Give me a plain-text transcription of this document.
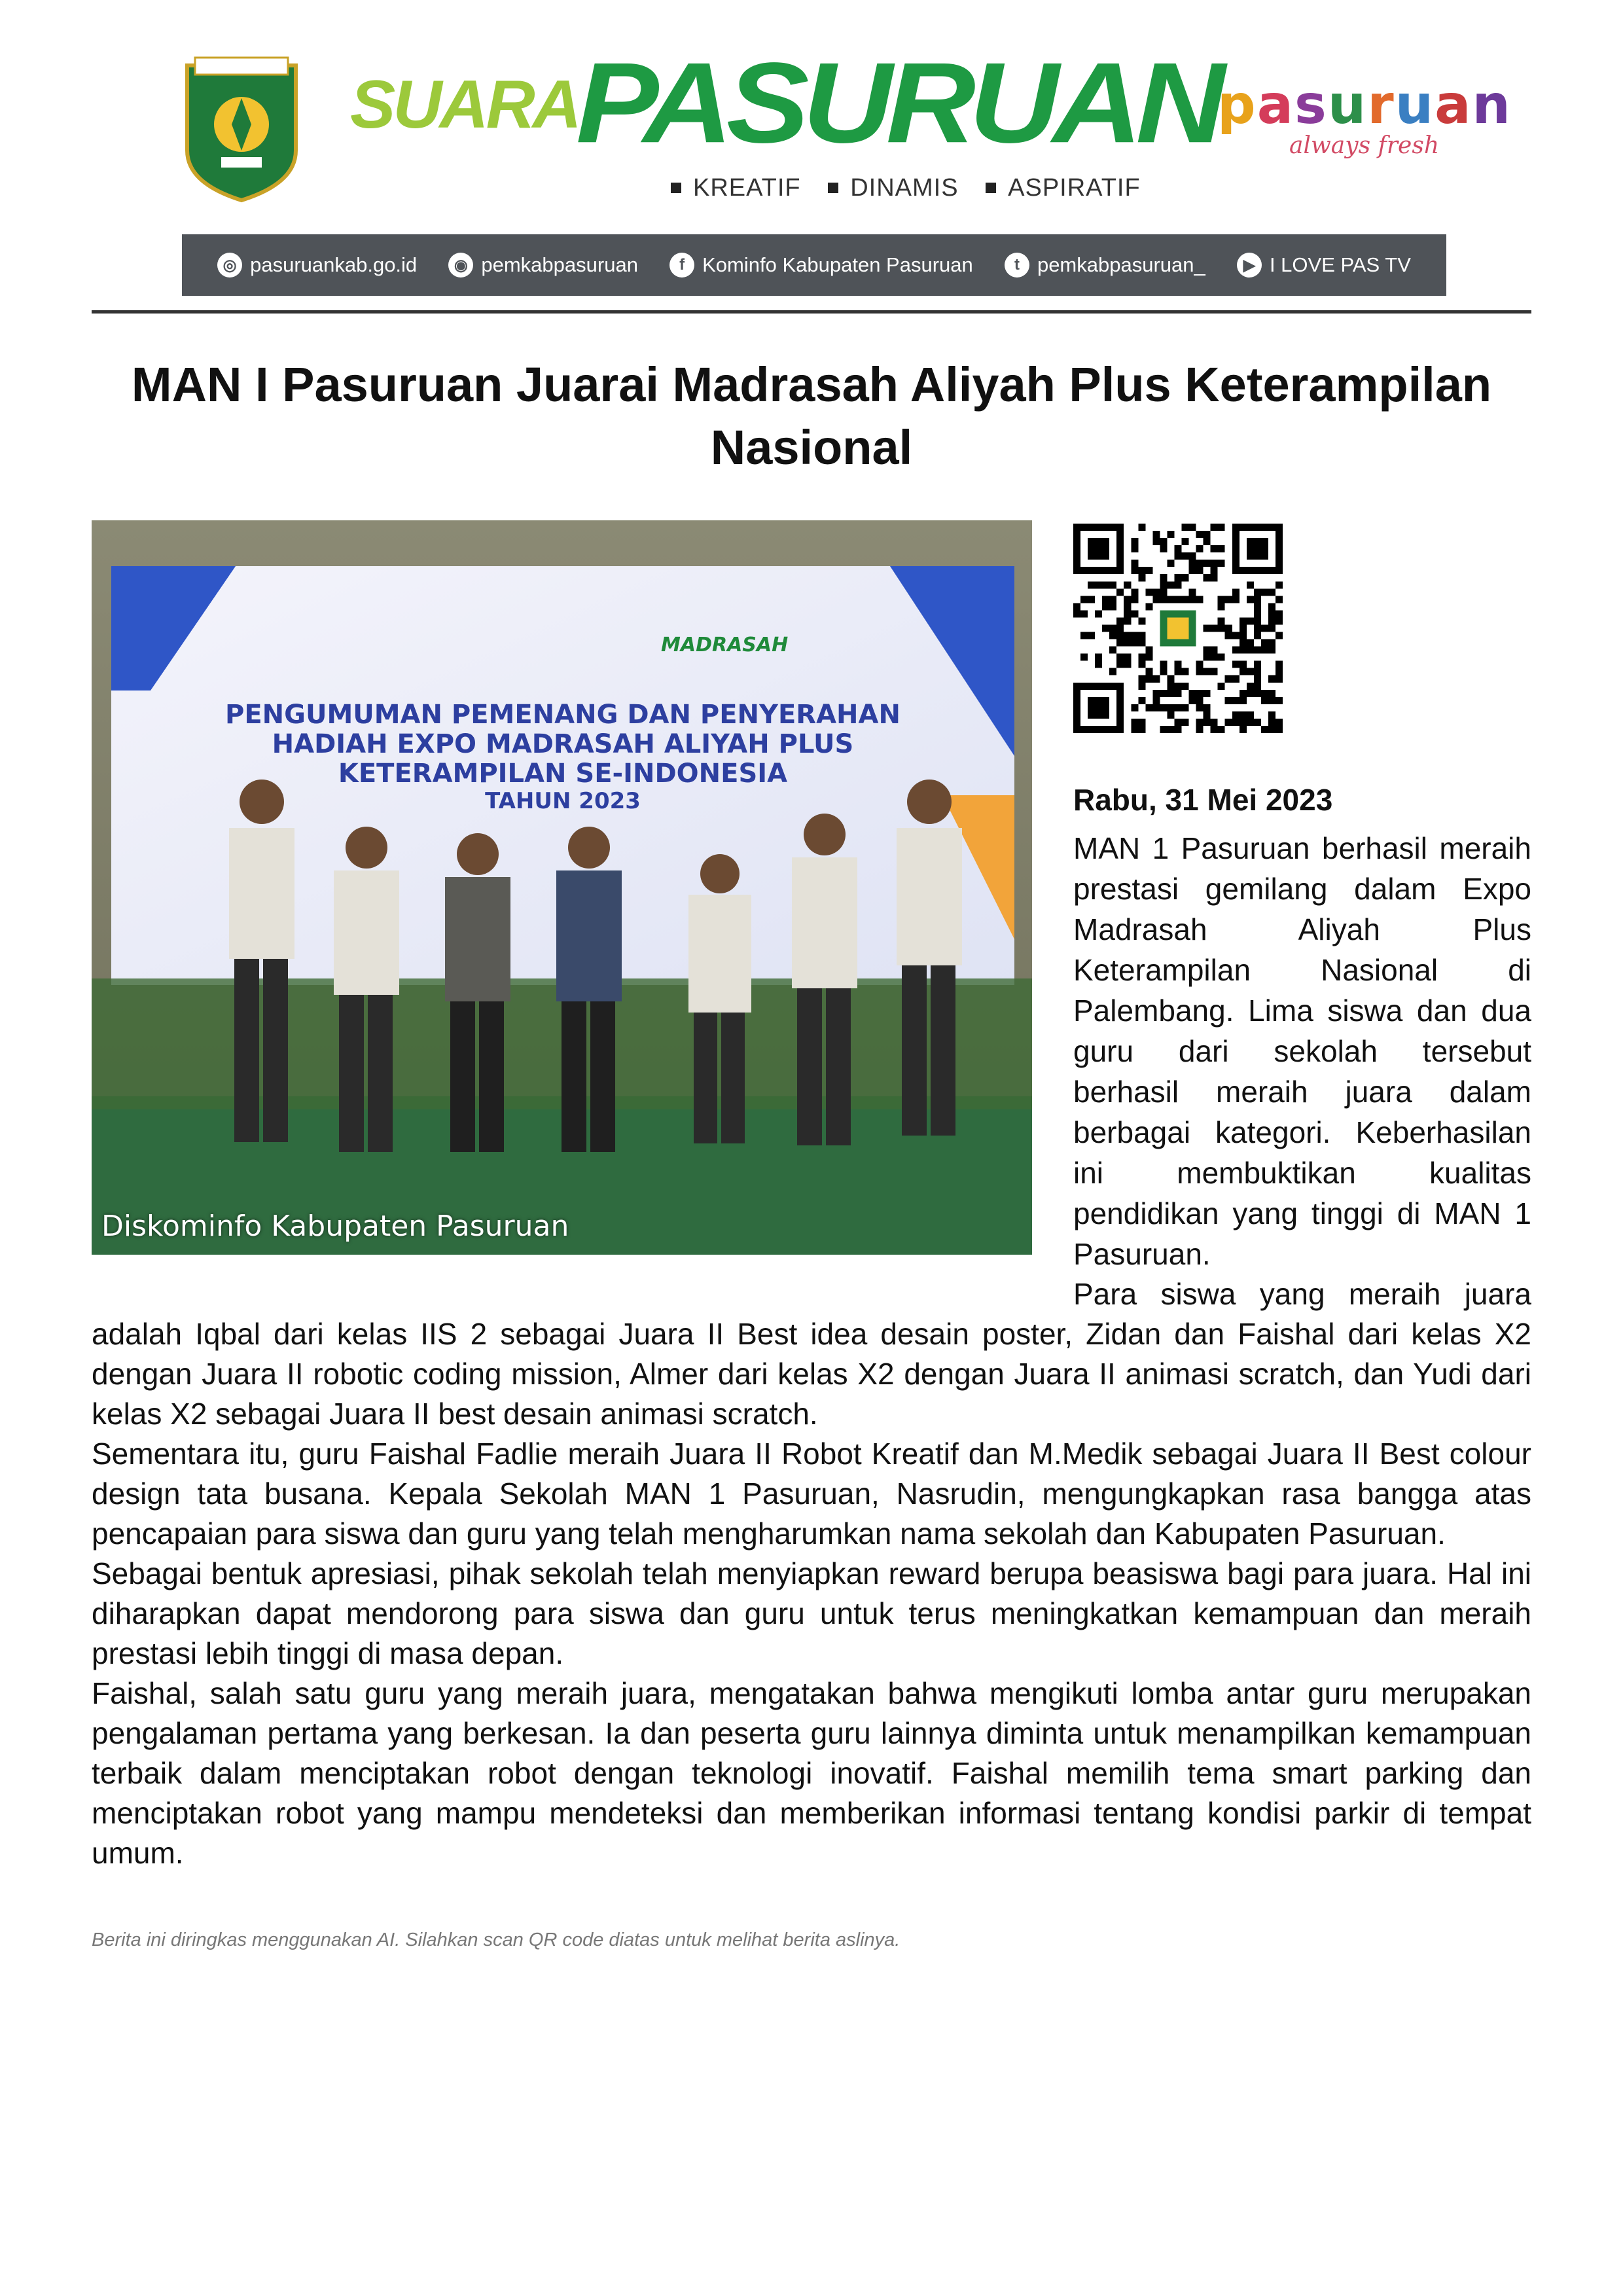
SUARA
PASURUAN
KREATIF DINAMIS ASPIRATIF
pasuruan
always fresh
◎ pasuruankab.go.id	◉ pemkabpasuruan	f Kominfo Kabupaten Pasuruan	t pemkabpasuruan_	▶ I LOVE PAS TV
MAN I Pasuruan Juarai Madrasah Aliyah Plus Keterampilan Nasional
PENGUMUMAN PEMENANG DAN PENYERAHAN
HADIAH EXPO MADRASAH ALIYAH PLUS
KETERAMPILAN SE-INDONESIA
TAHUN 2023
MADRASAH
Diskominfo Kabupaten Pasuruan
Rabu, 31 Mei 2023

MAN 1 Pasuruan berhasil meraih prestasi gemilang dalam Expo Madrasah Aliyah Plus Keterampilan Nasional di Palembang. Lima siswa dan dua guru dari sekolah tersebut berhasil meraih juara dalam berbagai kategori. Keberhasilan ini membuktikan kualitas pendidikan yang tinggi di MAN 1 Pasuruan.

Para siswa yang meraih juara adalah Iqbal dari kelas IIS 2 sebagai Juara II Best idea desain poster, Zidan dan Faishal dari kelas X2 dengan Juara II robotic coding mission, Almer dari kelas X2 dengan Juara II animasi scratch, dan Yudi dari kelas X2 sebagai Juara II best desain animasi scratch.

Sementara itu, guru Faishal Fadlie meraih Juara II Robot Kreatif dan M.Medik sebagai Juara II Best colour design tata busana. Kepala Sekolah MAN 1 Pasuruan, Nasrudin, mengungkapkan rasa bangga atas pencapaian para siswa dan guru yang telah mengharumkan nama sekolah dan Kabupaten Pasuruan.

Sebagai bentuk apresiasi, pihak sekolah telah menyiapkan reward berupa beasiswa bagi para juara. Hal ini diharapkan dapat mendorong para siswa dan guru untuk terus meningkatkan kemampuan dan meraih prestasi lebih tinggi di masa depan.

Faishal, salah satu guru yang meraih juara, mengatakan bahwa mengikuti lomba antar guru merupakan pengalaman pertama yang berkesan. Ia dan peserta guru lainnya diminta untuk menampilkan kemampuan terbaik dalam menciptakan robot dengan teknologi inovatif. Faishal memilih tema smart parking dan menciptakan robot yang mampu mendeteksi dan memberikan informasi tentang kondisi parkir di tempat umum.

Berita ini diringkas menggunakan AI. Silahkan scan QR code diatas untuk melihat berita aslinya.
